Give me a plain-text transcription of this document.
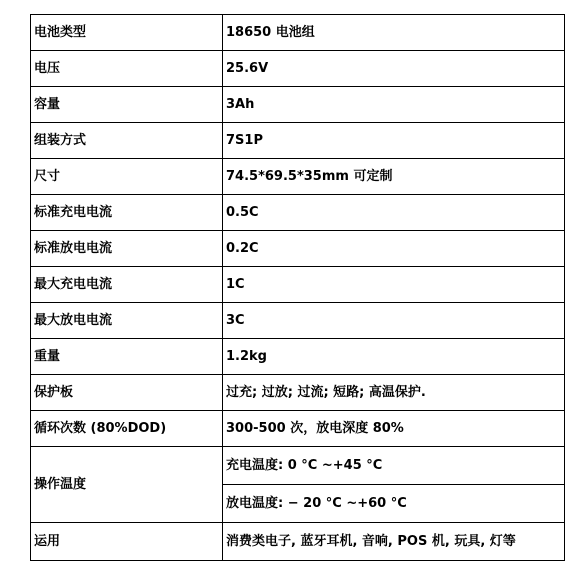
电池类型	18650 电池组
电压	25.6V
容量	3Ah
组装方式	7S1P
尺寸	74.5*69.5*35mm 可定制
标准充电电流	0.5C
标准放电电流	0.2C
最大充电电流	1C
最大放电电流	3C
重量	1.2kg
保护板	过充; 过放; 过流; 短路; 高温保护.
循环次数 (80%DOD)	300-500 次，放电深度 80%
操作温度	充电温度: 0 °C ~+45 °C
	放电温度: − 20 °C ~+60 °C
运用	消费类电子, 蓝牙耳机, 音响, POS 机, 玩具, 灯等
